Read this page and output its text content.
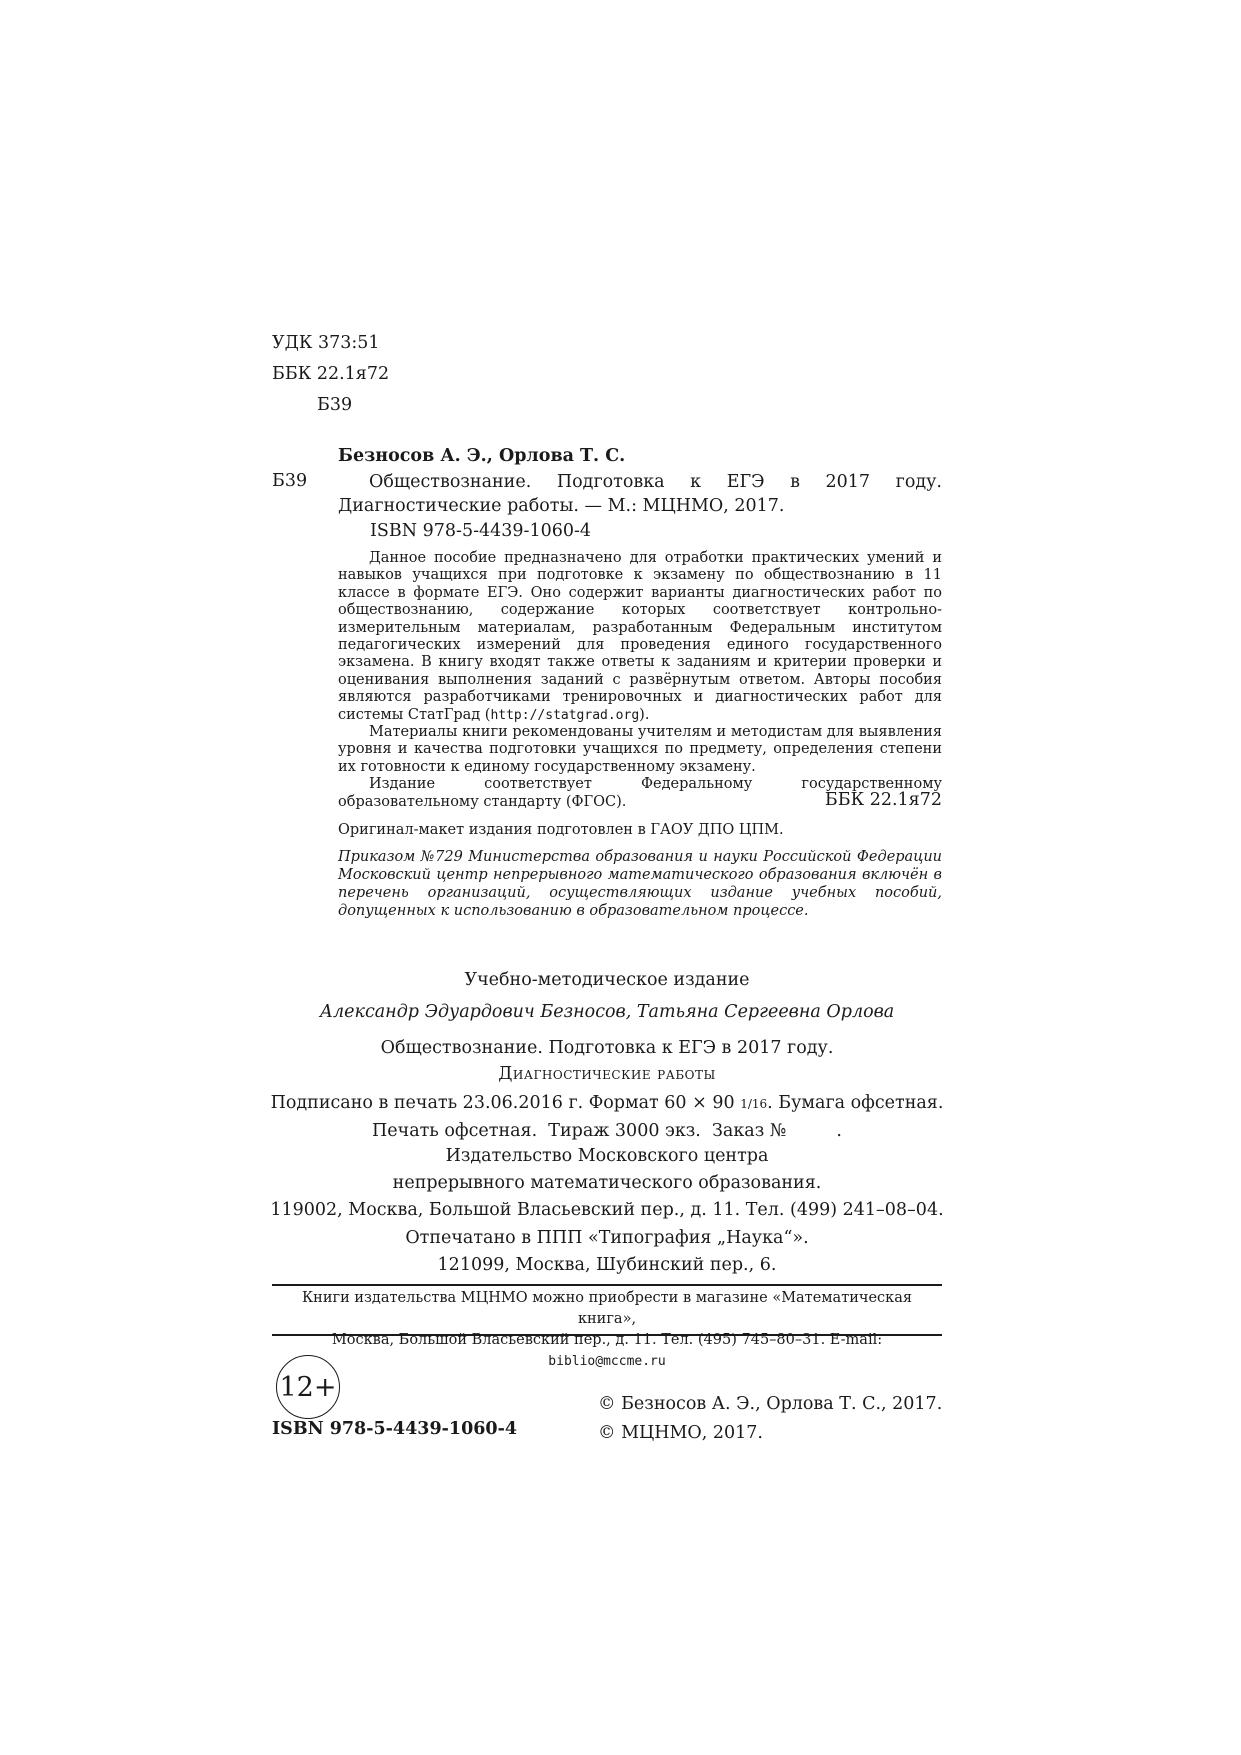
УДК 373:51
ББК 22.1я72
Б39
Безносов А. Э., Орлова Т. С.
Б39	Обществознание. Подготовка к ЕГЭ в 2017 году. Диагностические работы. — М.: МЦНМО, 2017.
ISBN 978-5-4439-1060-4

Данное пособие предназначено для отработки практических умений и навыков учащихся при подготовке к экзамену по обществознанию в 11 классе в формате ЕГЭ. Оно содержит варианты диагностических работ по обществознанию, содержание которых соответствует контрольно-измерительным материалам, разработанным Федеральным институтом педагогических измерений для проведения единого государственного экзамена. В книгу входят также ответы к заданиям и критерии проверки и оценивания выполнения заданий с развёрнутым ответом. Авторы пособия являются разработчиками тренировочных и диагностических работ для системы СтатГрад (http://statgrad.org).

Материалы книги рекомендованы учителям и методистам для выявления уровня и качества подготовки учащихся по предмету, определения степени их готовности к единому государственному экзамену.

Издание соответствует Федеральному государственному образовательному стандарту (ФГОС).	ББК 22.1я72
Оригинал-макет издания подготовлен в ГАОУ ДПО ЦПМ.
Приказом №729 Министерства образования и науки Российской Федерации Московский центр непрерывного математического образования включён в перечень организаций, осуществляющих издание учебных пособий, допущенных к использованию в образовательном процессе.
Учебно-методическое издание
Александр Эдуардович Безносов, Татьяна Сергеевна Орлова
Обществознание. Подготовка к ЕГЭ в 2017 году.
Диагностические работы
Подписано в печать 23.06.2016 г. Формат 60 × 90 1/16. Бумага офсетная.
Печать офсетная.  Тираж 3000 экз.  Заказ №         .
Издательство Московского центра
непрерывного математического образования.
119002, Москва, Большой Власьевский пер., д. 11. Тел. (499) 241–08–04.
Отпечатано в ППП «Типография „Наука“».
121099, Москва, Шубинский пер., 6.
Книги издательства МЦНМО можно приобрести в магазине «Математическая книга»,
Москва, Большой Власьевский пер., д. 11. Тел. (495) 745–80–31. E-mail: biblio@mccme.ru
12+
ISBN 978-5-4439-1060-4
© Безносов А. Э., Орлова Т. С., 2017.
© МЦНМО, 2017.
